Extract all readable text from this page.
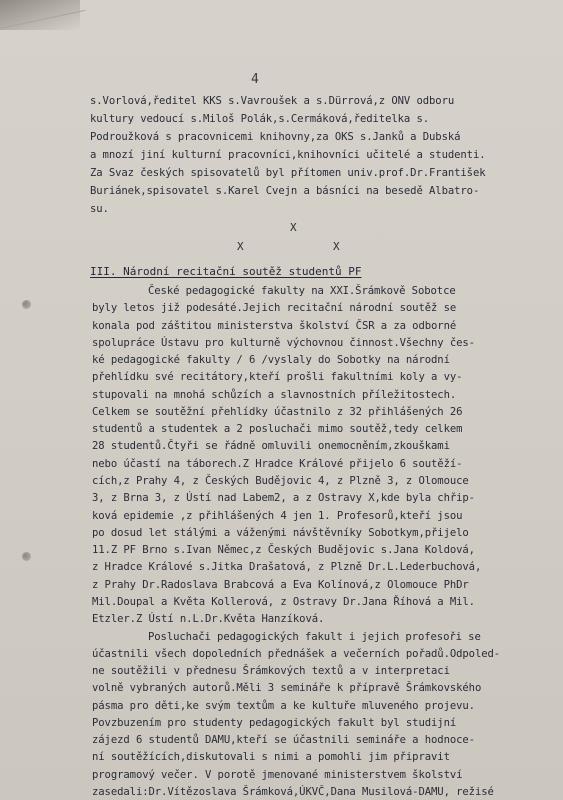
4
s.Vorlová,ředitel KKS s.Vavroušek a s.Dürrová,z ONV odboru
kultury vedoucí s.Miloš Polák,s.Cermáková,ředitelka s.
Podroužková s pracovnicemi knihovny,za OKS s.Janků a Dubská
a mnozí jiní kulturní pracovníci,knihovníci učitelé a studenti.
Za Svaz českých spisovatelů byl přítomen univ.prof.Dr.František
Buriánek,spisovatel s.Karel Cvejn a básníci na besedě Albatro-
su.
X
X
X
III. Národní recitační soutěž studentů PF
České pedagogické fakulty na XXI.Šrámkově Sobotce
byly letos již podesáté.Jejich recitační národní soutěž se
konala pod záštitou ministerstva školství ČSR a za odborné
spolupráce Ústavu pro kulturně výchovnou činnost.Všechny čes-
ké pedagogické fakulty / 6 /vyslaly do Sobotky na národní
přehlídku své recitátory,kteří prošli fakultními koly a vy-
stupovali na mnohá schůzích a slavnostních příležitostech.
Celkem se soutěžní přehlídky účastnilo z 32 přihlášených 26
studentů a studentek a 2 posluchači mimo soutěž,tedy celkem
28 studentů.Čtyři se řádně omluvili onemocněním,zkouškami
nebo účastí na táborech.Z Hradce Králové přijelo 6 soutěží-
cích,z Prahy 4, z Českých Budějovic 4, z Plzně 3, z Olomouce
3, z Brna 3, z Ústí nad Labem2, a z Ostravy X,kde byla chřip-
ková epidemie ,z přihlášených 4 jen 1. Profesorů,kteří jsou
po dosud let stálými a váženými návštěvníky Sobotkym,přijelo
11.Z PF Brno s.Ivan Němec,z Českých Budějovic s.Jana Koldová,
z Hradce Králové s.Jitka Drašatová, z Plzně Dr.L.Lederbuchová,
z Prahy Dr.Radoslava Brabcová a Eva Kolínová,z Olomouce PhDr
Mil.Doupal a Květa Kollerová, z Ostravy Dr.Jana Říhová a Mil.
Etzler.Z Ústí n.L.Dr.Květa Hanzíková.
Posluchači pedagogických fakult i jejich profesoři se
účastnili všech dopoledních přednášek a večerních pořadů.Odpoled-
ne soutěžili v přednesu Šrámkových textů a v interpretaci
volně vybraných autorů.Měli 3 semináře k přípravě Šrámkovského
pásma pro děti,ke svým textům a ke kultuře mluveného projevu.
Povzbuzením pro studenty pedagogických fakult byl studijní
zájezd 6 studentů DAMU,kteří se účastnili semináře a hodnoce-
ní soutěžících,diskutovali s nimi a pomohli jim připravit
programový večer. V porotě jmenované ministerstvem školství
zasedali:Dr.Vítězoslava Šrámková,ÚKVČ,Dana Musilová-DAMU, režisé
